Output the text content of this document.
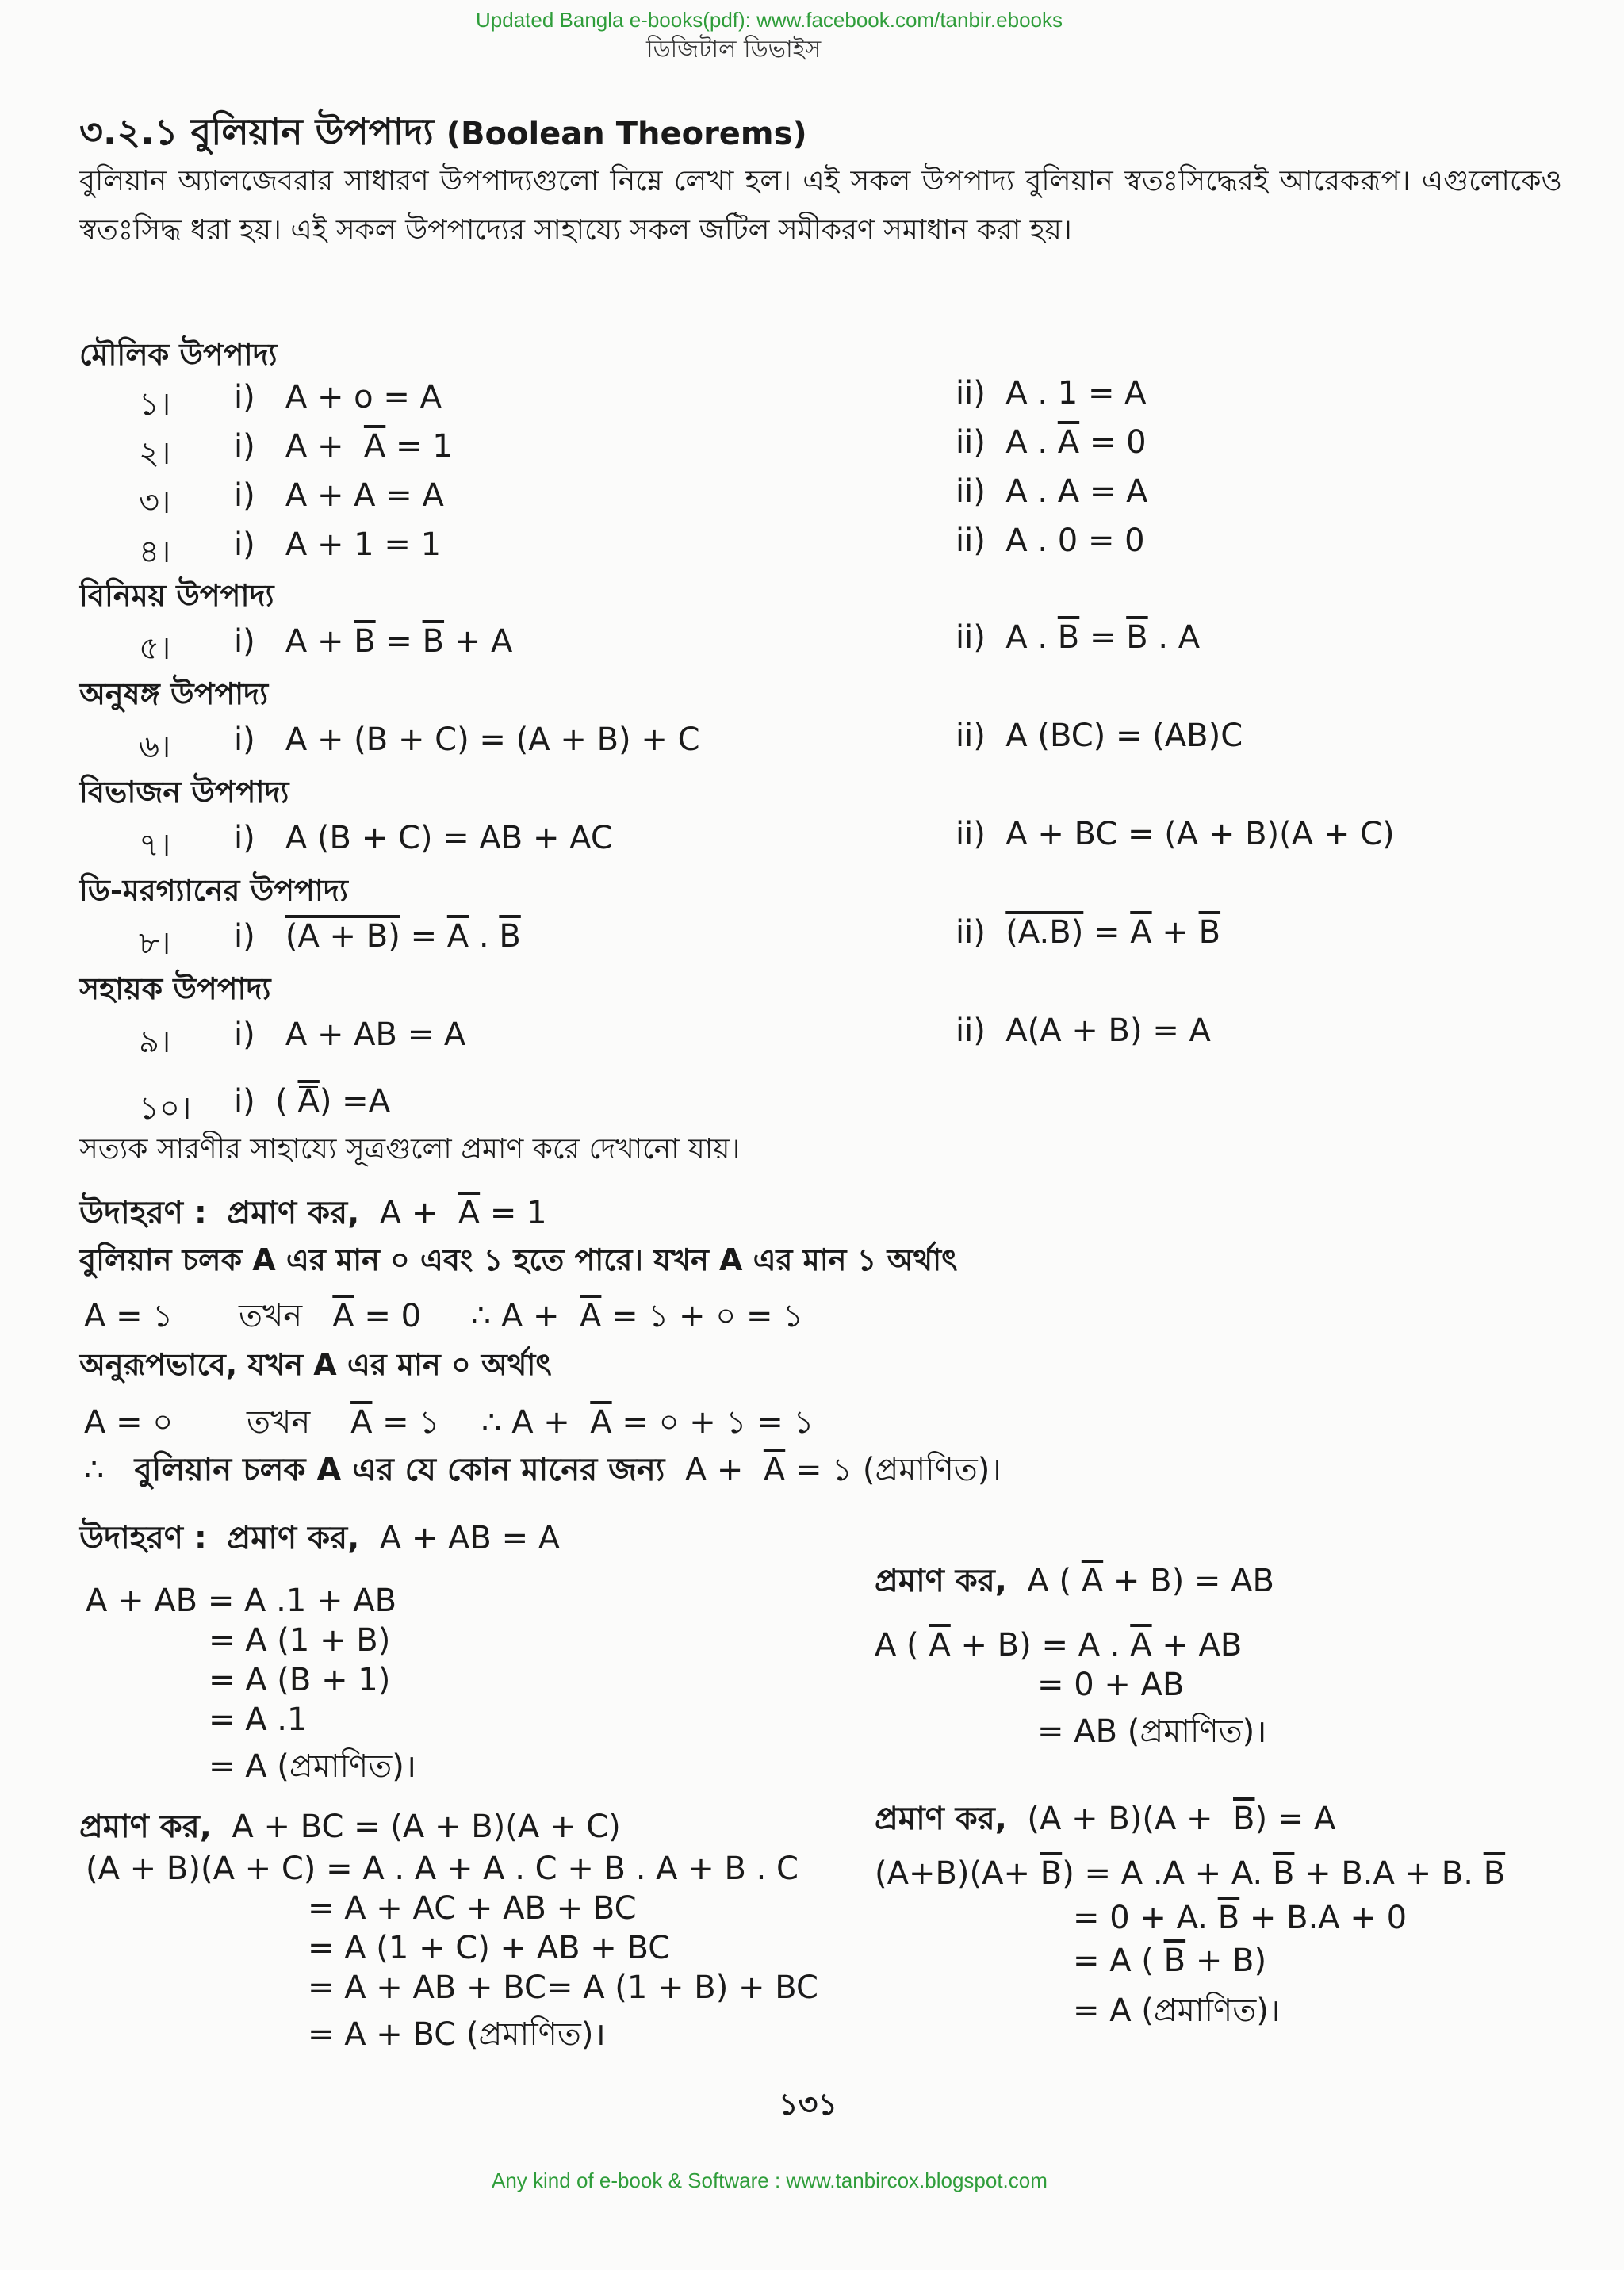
Updated Bangla e-books(pdf): www.facebook.com/tanbir.ebooks
ডিজিটাল ডিভাইস
৩.২.১ বুলিয়ান উপপাদ্য (Boolean Theorems)
বুলিয়ান অ্যালজেবরার সাধারণ উপপাদ্যগুলো নিম্নে লেখা হল। এই সকল উপপাদ্য বুলিয়ান স্বতঃসিদ্ধেরই আরেকরূপ। এগুলোকেও স্বতঃসিদ্ধ ধরা হয়। এই সকল উপপাদ্যের সাহায্যে সকল জটিল সমীকরণ সমাধান করা হয়।
মৌলিক উপপাদ্য
১। i) A + o = A	ii) A . 1 = A
২। i) $A + \overline{A} = 1$	ii) A . $\overline{A} = 0$
৩। i) A + A = A	ii) A . A = A
৪। i) A + 1 = 1	ii) A . 0 = 0
বিনিময় উপপাদ্য
৫। i) $A + \overline{B} = \overline{B} + A$	ii) A . $\overline{B} = \overline{B}$ . A
অনুষঙ্গ উপপাদ্য
৬। i) A + (B + C) = (A + B) + C	ii) A (BC) = (AB)C
বিভাজন উপপাদ্য
৭। i) A (B + C) = AB + AC	ii) A + BC = (A + B)(A + C)
ডি-মরগ্যানের উপপাদ্য
৮। i) $(A + B) = \overline{A}$ . $\overline{B}$	ii) $(A.B) = \overline{A} + \overline{B}$
সহায়ক উপপাদ্য
৯। i) A + AB = A	ii) A(A + B) = A
১০। i) ( $\overline{A}) =A$
সত্যক সারণীর সাহায্যে সূত্রগুলো প্রমাণ করে দেখানো যায়।
উদাহরণ : প্রমাণ কর, $A + \overline{A} = 1$
বুলিয়ান চলক A এর মান ০ এবং ১ হতে পারে। যখন A এর মান ১ অর্থাৎ
A = ১ তখন $\overline{A} = 0$ ∴ $A + \overline{A}$ = ১ + ০ = ১
অনুরূপভাবে, যখন A এর মান ০ অর্থাৎ
A = ০ তখন $\overline{A}$ = ১ ∴ $A + \overline{A}$ = ০ + ১ = ১
∴ বুলিয়ান চলক A এর যে কোন মানের জন্য $A + \overline{A}$ = ১ (প্রমাণিত)।
উদাহরণ : প্রমাণ কর, A + AB = A
A + AB = A .1 + AB
= A (1 + B)
= A (B + 1)
= A .1
= A (প্রমাণিত)।
প্রমাণ কর, A ( $\overline{A} + B$) = AB
A ( $\overline{A} + B) = A$ . $\overline{A}$ + AB
= 0 + AB
= AB (প্রমাণিত)।
প্রমাণ কর, A + BC = (A + B)(A + C)
(A + B)(A + C) = A . A + A . C + B . A + B . C
= A + AC + AB + BC
= A (1 + C) + AB + BC
= A + AB + BC= A (1 + B) + BC
= A + BC (প্রমাণিত)।
প্রমাণ কর, $(A + B)(A + \overline{B}) = A$
$(A+B)(A+ \overline{B}) = A$ .A + A. $\overline{B} + B.A + B$. $\overline{B}$
= 0 + A. $\overline{B} + B.A + 0$
= A ( $\overline{B} + B$)
= A (প্রমাণিত)।
১৩১
Any kind of e-book & Software : www.tanbircox.blogspot.com
